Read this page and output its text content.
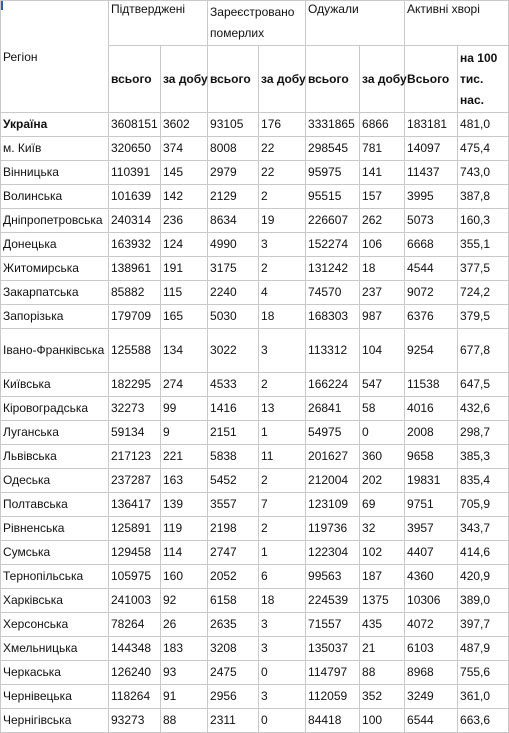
Регіон	Підтверджені		Зареєстровано померлих		Одужали		Активні хворі	
	всього	за добу	всього	за добу	всього	за добу	Всього	на 100 тис. нас.
Україна	3608151	3602	93105	176	3331865	6866	183181	481,0
м. Київ	320650	374	8008	22	298545	781	14097	475,4
Вінницька	110391	145	2979	22	95975	141	11437	743,0
Волинська	101639	142	2129	2	95515	157	3995	387,8
Дніпропетровська	240314	236	8634	19	226607	262	5073	160,3
Донецька	163932	124	4990	3	152274	106	6668	355,1
Житомирська	138961	191	3175	2	131242	18	4544	377,5
Закарпатська	85882	115	2240	4	74570	237	9072	724,2
Запорізька	179709	165	5030	18	168303	987	6376	379,5
Івано-Франківська	125588	134	3022	3	113312	104	9254	677,8
Київська	182295	274	4533	2	166224	547	11538	647,5
Кіровоградська	32273	99	1416	13	26841	58	4016	432,6
Луганська	59134	9	2151	1	54975	0	2008	298,7
Львівська	217123	221	5838	11	201627	360	9658	385,3
Одеська	237287	163	5452	2	212004	202	19831	835,4
Полтавська	136417	139	3557	7	123109	69	9751	705,9
Рівненська	125891	119	2198	2	119736	32	3957	343,7
Сумська	129458	114	2747	1	122304	102	4407	414,6
Тернопільська	105975	160	2052	6	99563	187	4360	420,9
Харківська	241003	92	6158	18	224539	1375	10306	389,0
Херсонська	78264	26	2635	3	71557	435	4072	397,7
Хмельницька	144348	183	3208	3	135037	21	6103	487,9
Черкаська	126240	93	2475	0	114797	88	8968	755,6
Чернівецька	118264	91	2956	3	112059	352	3249	361,0
Чернігівська	93273	88	2311	0	84418	100	6544	663,6
